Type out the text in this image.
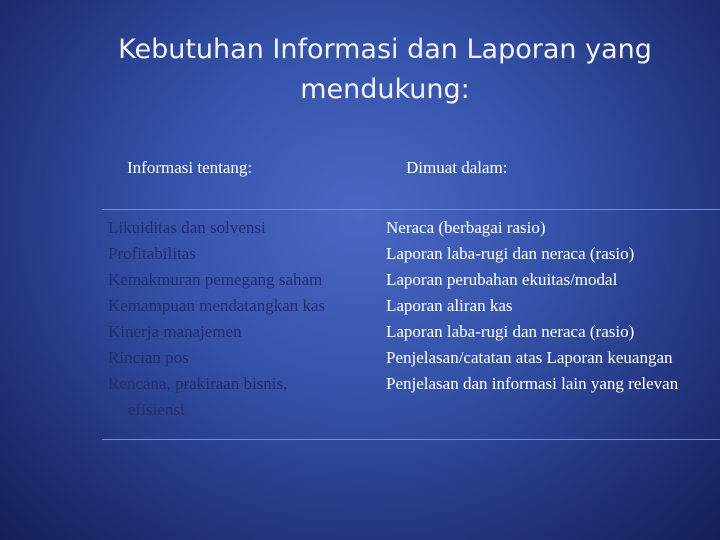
Kebutuhan Informasi dan Laporan yang
mendukung:
Informasi tentang:	Dimuat dalam:
Likuiditas dan solvensi
Profitabilitas
Kemakmuran pemegang saham
Kemampuan mendatangkan kas
Kinerja manajemen
Rincian pos
Rencana, prakiraan bisnis,
efisiensi
Neraca (berbagai rasio)
Laporan laba-rugi dan neraca (rasio)
Laporan perubahan ekuitas/modal
Laporan aliran kas
Laporan laba-rugi dan neraca (rasio)
Penjelasan/catatan atas Laporan keuangan
Penjelasan dan informasi lain yang relevan
